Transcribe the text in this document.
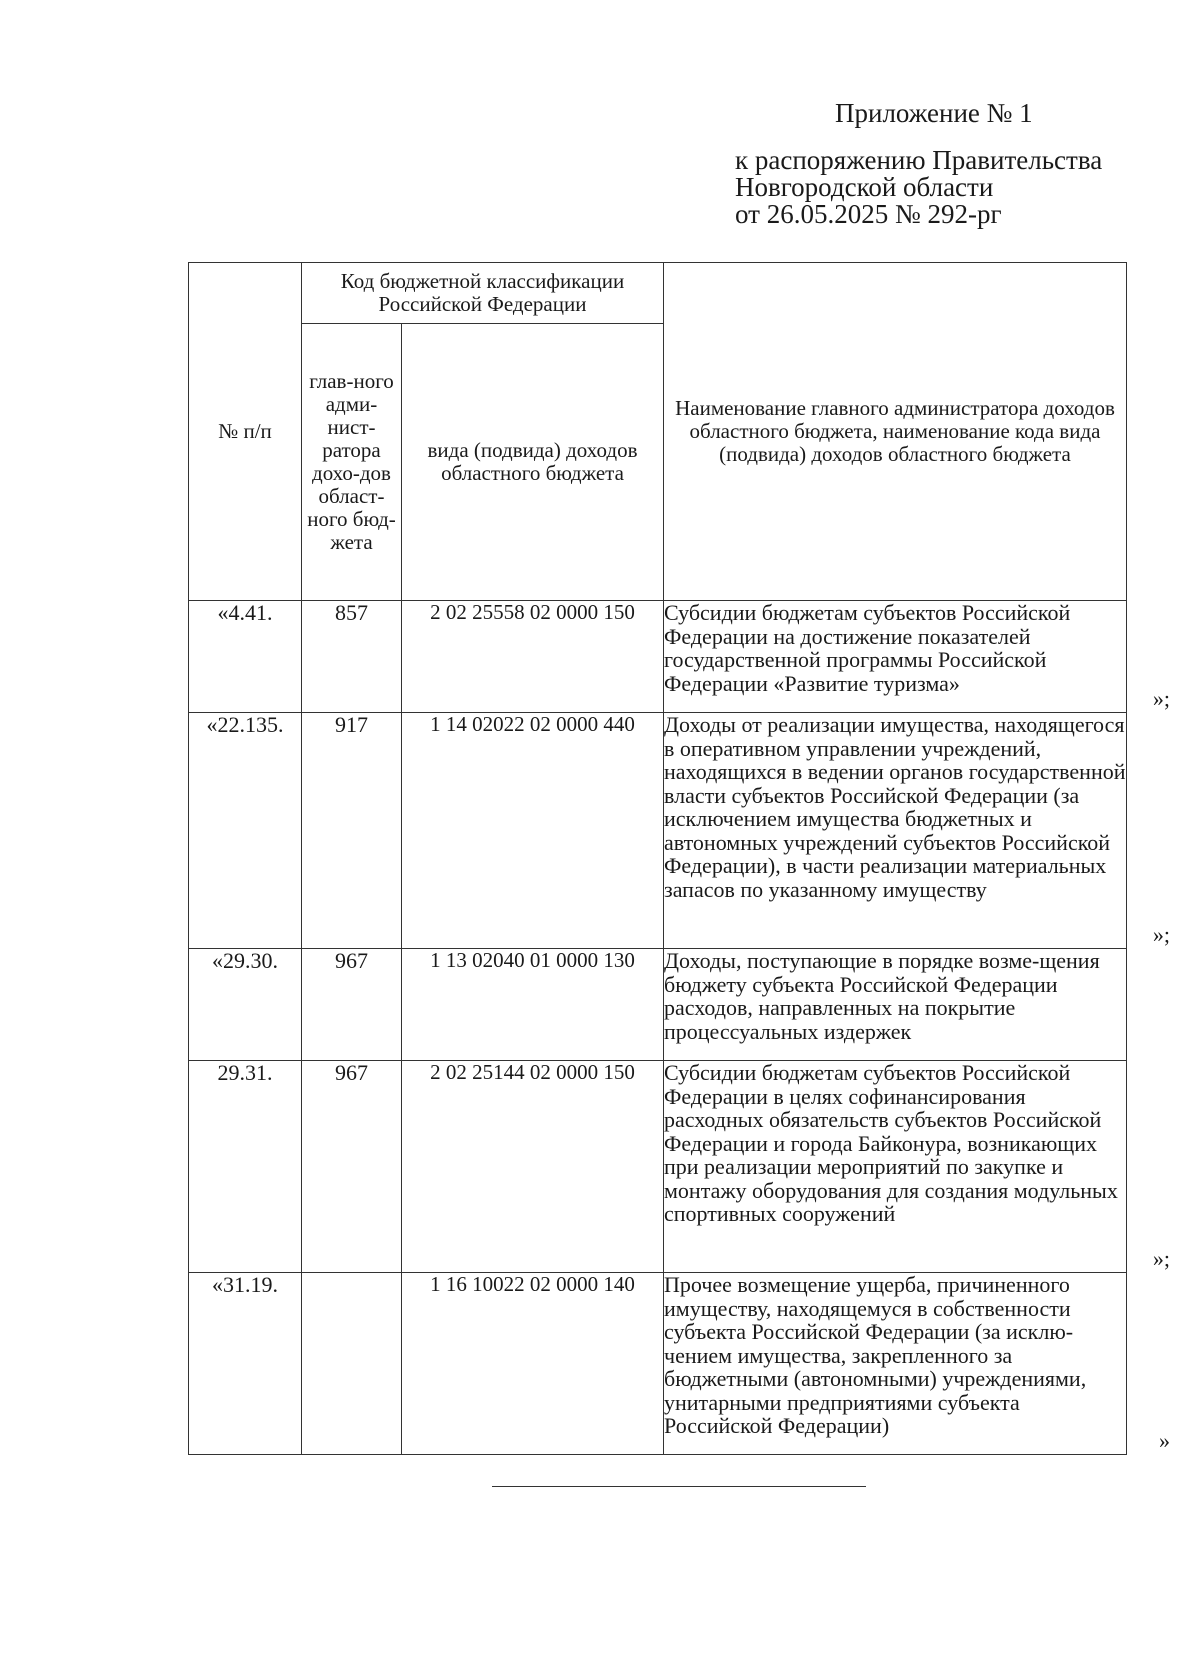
Приложение № 1
к распоряжению Правительства
Новгородской области
от 26.05.2025 № 292-рг
№ п/п	Код бюджетной классификации Российской Федерации		Наименование главного администратора доходов областного бюджета, наименование кода вида (подвида) доходов областного бюджета
	глав-ного адми-нист-ратора дохо-дов област-ного бюд-жета	вида (подвида) доходов областного бюджета	
«4.41.	857	2 02 25558 02 0000 150	Субсидии бюджетам субъектов Российской Федерации на достижение показателей государственной программы Российской Федерации «Развитие туризма»
»;

«22.135.	917	1 14 02022 02 0000 440	Доходы от реализации имущества, находящегося в оперативном управлении учреждений, находящихся в ведении органов государственной власти субъектов Российской Федерации (за исключением имущества бюджетных и автономных учреждений субъектов Российской Федерации), в части реализации материальных запасов по указанному имуществу
»;

«29.30.	967	1 13 02040 01 0000 130	Доходы, поступающие в порядке возме-щения бюджету субъекта Российской Федерации расходов, направленных на покрытие процессуальных издержек

29.31.	967	2 02 25144 02 0000 150	Субсидии бюджетам субъектов Российской Федерации в целях софинансирования расходных обязательств субъектов Российской Федерации и города Байконура, возникающих при реализации мероприятий по закупке и монтажу оборудования для создания модульных спортивных сооружений
»;

«31.19.		1 16 10022 02 0000 140	Прочее возмещение ущерба, причиненного имуществу, находящемуся в собственности субъекта Российской Федерации (за исклю-чением имущества, закрепленного за бюджетными (автономными) учреждениями, унитарными предприятиями субъекта Российской Федерации)
»
